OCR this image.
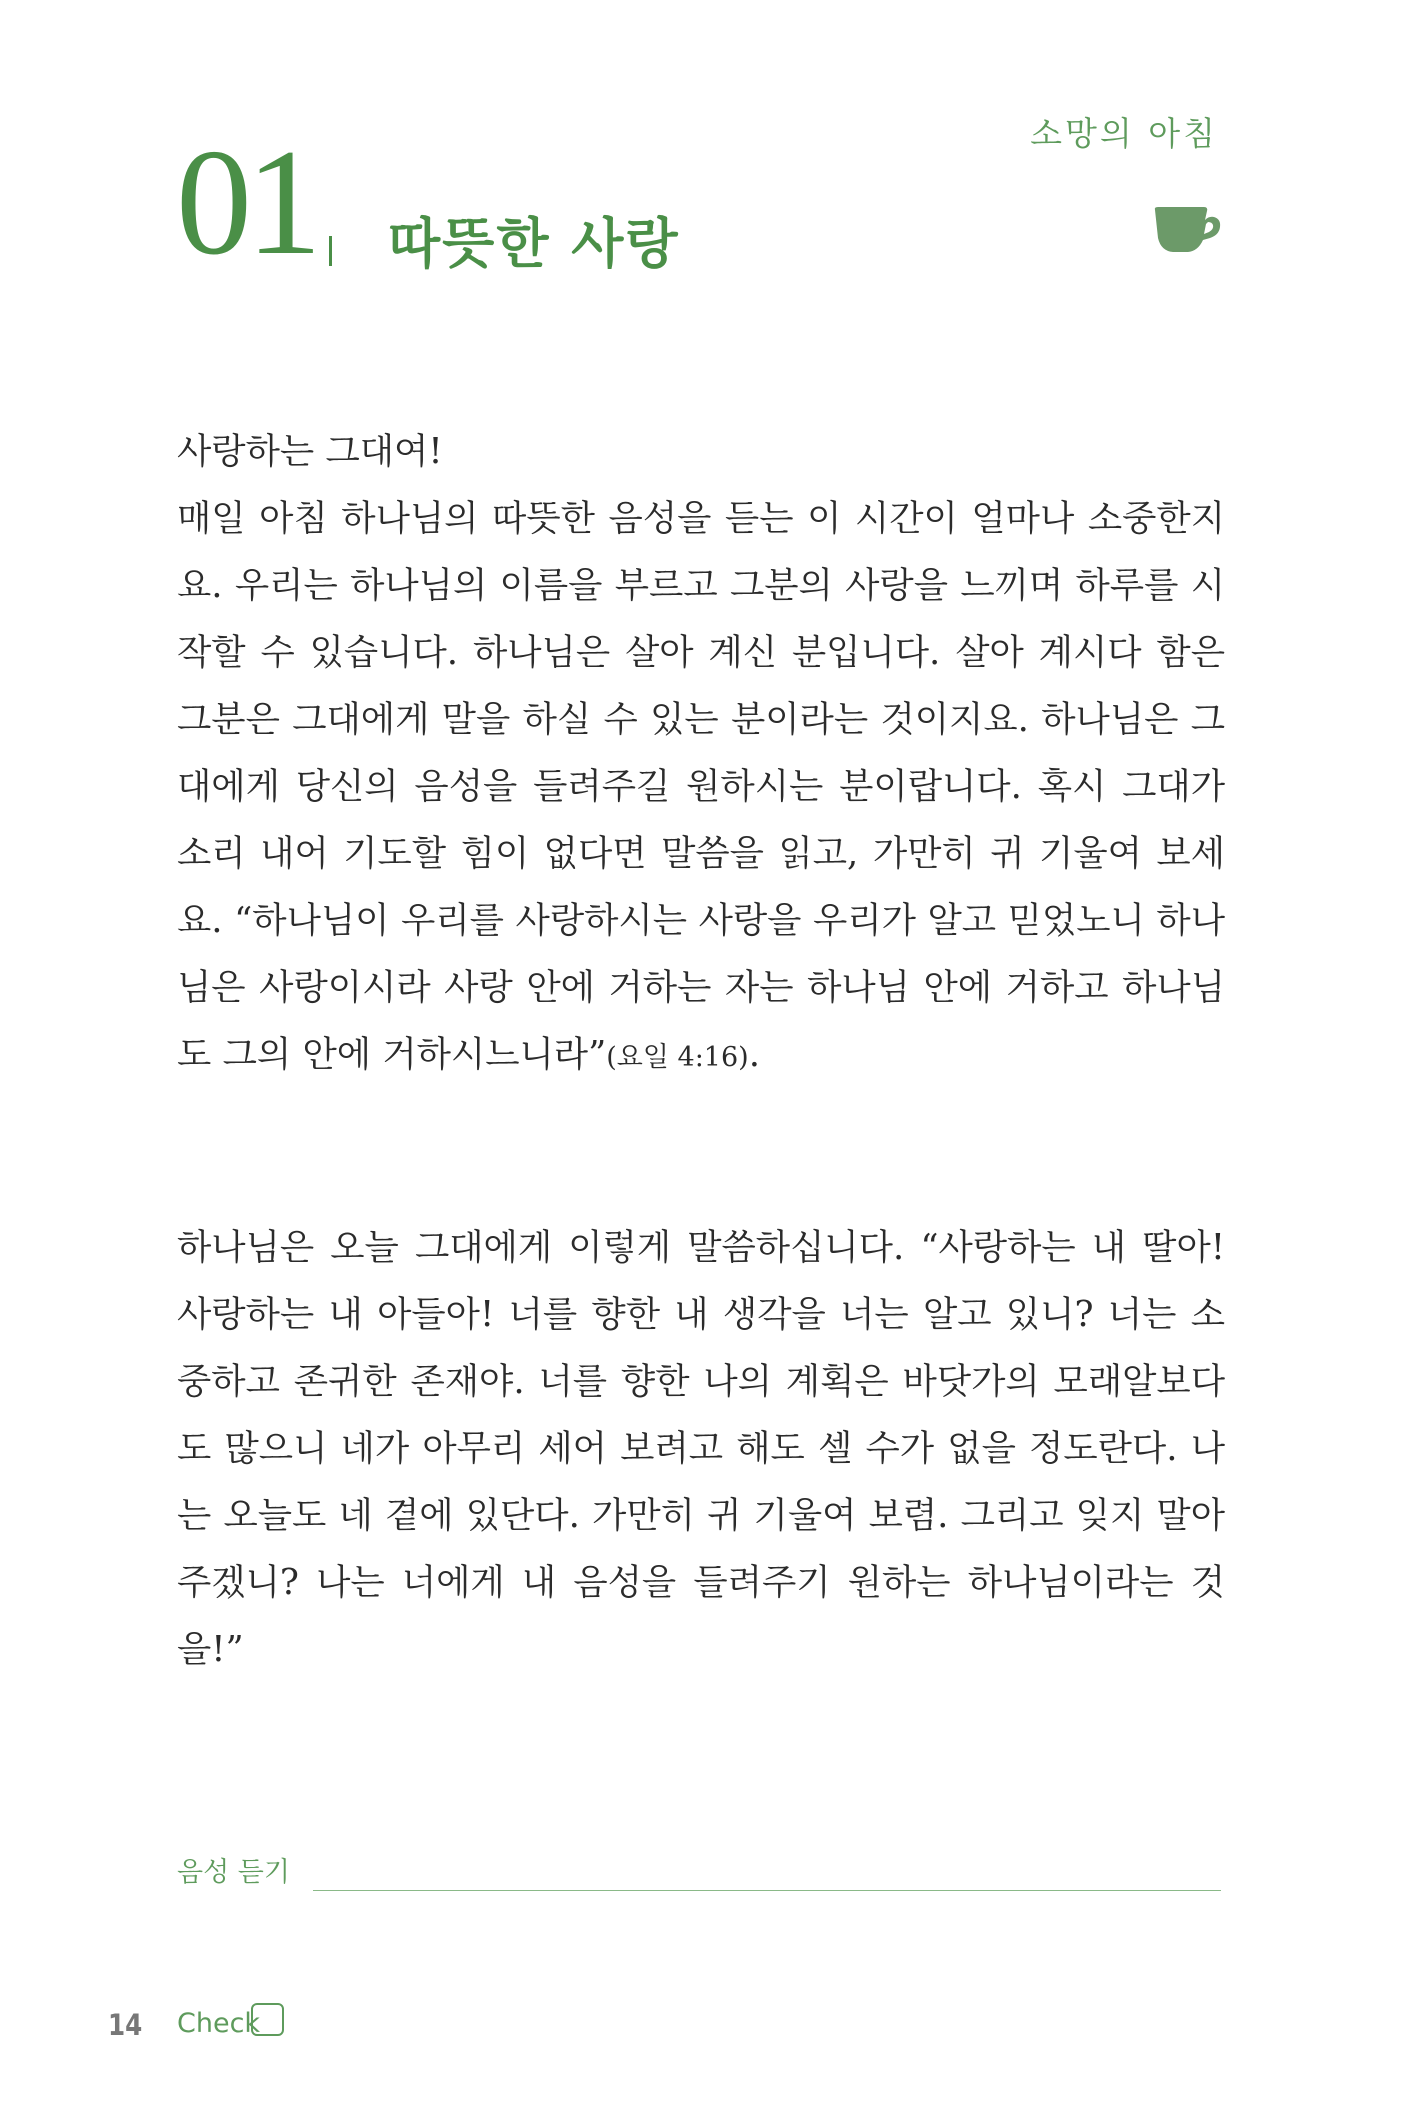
소망의 아침
01 따뜻한 사랑

사랑하는 그대여!

매일 아침 하나님의 따뜻한 음성을 듣는 이 시간이 얼마나 소중한지요. 우리는 하나님의 이름을 부르고 그분의 사랑을 느끼며 하루를 시작할 수 있습니다. 하나님은 살아 계신 분입니다. 살아 계시다 함은 그분은 그대에게 말을 하실 수 있는 분이라는 것이지요. 하나님은 그대에게 당신의 음성을 들려주길 원하시는 분이랍니다. 혹시 그대가 소리 내어 기도할 힘이 없다면 말씀을 읽고, 가만히 귀 기울여 보세요. “하나님이 우리를 사랑하시는 사랑을 우리가 알고 믿었노니 하나님은 사랑이시라 사랑 안에 거하는 자는 하나님 안에 거하고 하나님도 그의 안에 거하시느니라”(요일 4:16).

하나님은 오늘 그대에게 이렇게 말씀하십니다. “사랑하는 내 딸아! 사랑하는 내 아들아! 너를 향한 내 생각을 너는 알고 있니? 너는 소중하고 존귀한 존재야. 너를 향한 나의 계획은 바닷가의 모래알보다도 많으니 네가 아무리 세어 보려고 해도 셀 수가 없을 정도란다. 나는 오늘도 네 곁에 있단다. 가만히 귀 기울여 보렴. 그리고 잊지 말아 주겠니? 나는 너에게 내 음성을 들려주기 원하는 하나님이라는 것을!”

음성 듣기
14 Check
